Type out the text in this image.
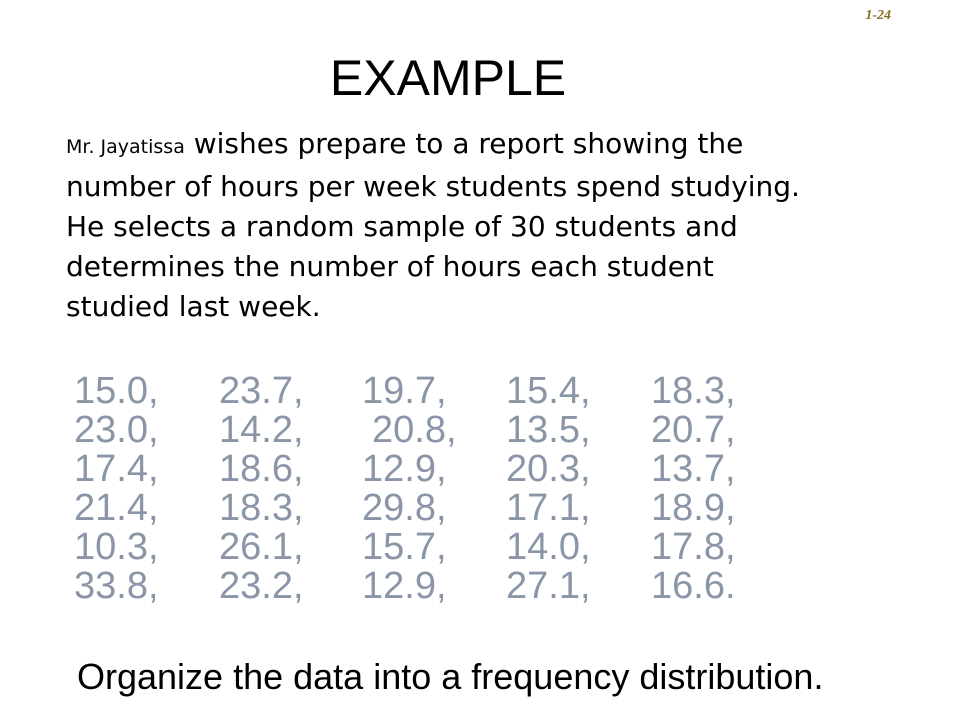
1-24
EXAMPLE

Mr. Jayatissa wishes prepare to a report showing the number of hours per week students spend studying. He selects a random sample of 30 students and determines the number of hours each student studied last week.

15.0, 23.7, 19.7, 15.4, 18.3,
23.0, 14.2, 20.8, 13.5, 20.7,
17.4, 18.6, 12.9, 20.3, 13.7,
21.4, 18.3, 29.8, 17.1, 18.9,
10.3, 26.1, 15.7, 14.0, 17.8,
33.8, 23.2, 12.9, 27.1, 16.6.
Organize the data into a frequency distribution.
